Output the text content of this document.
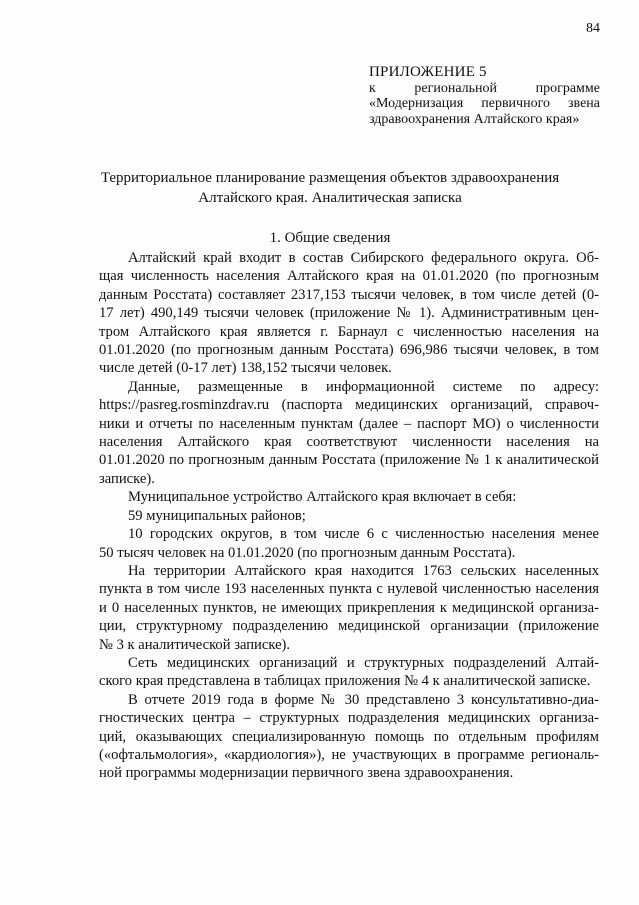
84
ПРИЛОЖЕНИЕ 5
к региональной программе
«Модернизация первичного звена
здравоохранения Алтайского края»
Территориальное планирование размещения объектов здравоохранения
Алтайского края. Аналитическая записка
1. Общие сведения

Алтайский край входит в состав Сибирского федерального округа. Об-
щая численность населения Алтайского края на 01.01.2020 (по прогнозным
данным Росстата) составляет 2317,153 тысячи человек, в том числе детей (0-
17 лет) 490,149 тысячи человек (приложение № 1). Административным цен-
тром Алтайского края является г. Барнаул с численностью населения на
01.01.2020 (по прогнозным данным Росстата) 696,986 тысячи человек, в том
числе детей (0-17 лет) 138,152 тысячи человек.

Данные, размещенные в информационной системе по адресу:
https://pasreg.rosminzdrav.ru (паспорта медицинских организаций, справоч-
ники и отчеты по населенным пунктам (далее – паспорт МО) о численности
населения Алтайского края соответствуют численности населения на
01.01.2020 по прогнозным данным Росстата (приложение № 1 к аналитической
записке).

Муниципальное устройство Алтайского края включает в себя:

59 муниципальных районов;

10 городских округов, в том числе 6 с численностью населения менее
50 тысяч человек на 01.01.2020 (по прогнозным данным Росстата).

На территории Алтайского края находится 1763 сельских населенных
пункта в том числе 193 населенных пункта с нулевой численностью населения
и 0 населенных пунктов, не имеющих прикрепления к медицинской организа-
ции, структурному подразделению медицинской организации (приложение
№ 3 к аналитической записке).

Сеть медицинских организаций и структурных подразделений Алтай-
ского края представлена в таблицах приложения № 4 к аналитической записке.

В отчете 2019 года в форме № 30 представлено 3 консультативно-диа-
гностических центра – структурных подразделения медицинских организа-
ций, оказывающих специализированную помощь по отдельным профилям
(«офтальмология», «кардиология»), не участвующих в программе региональ-
ной программы модернизации первичного звена здравоохранения.
